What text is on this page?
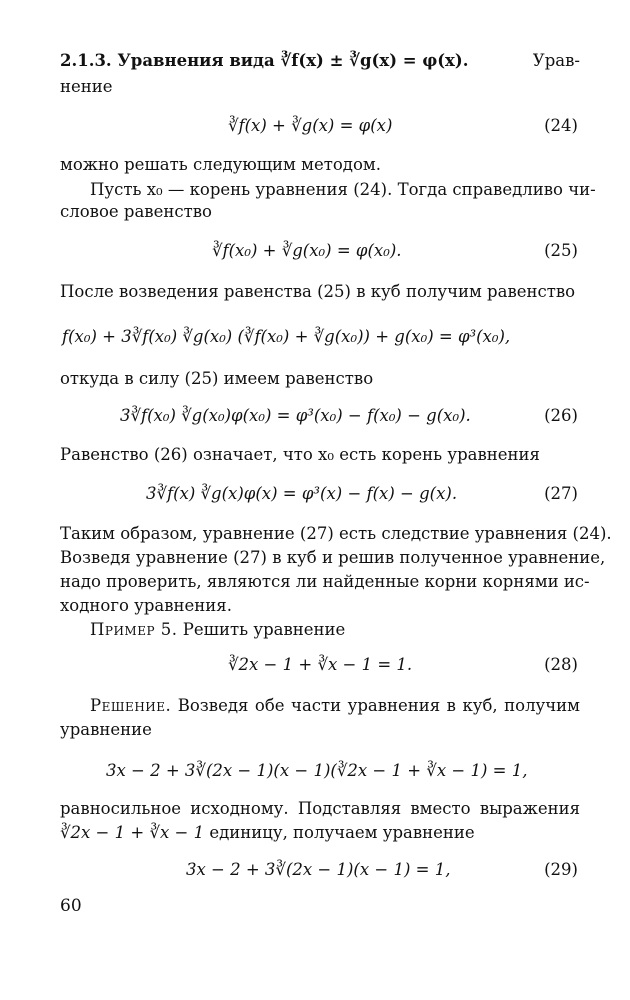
2.1.3. Уравнения вида ∛f(x) ± ∛g(x) = φ(x).	Урав-
нение
∛f(x) + ∛g(x) = φ(x)	(24)
можно решать следующим методом.
Пусть x₀ — корень уравнения (24). Тогда справедливо чи-
словое равенство
∛f(x₀) + ∛g(x₀) = φ(x₀).	(25)
После возведения равенства (25) в куб получим равенство
f(x₀) + 3∛f(x₀) ∛g(x₀) (∛f(x₀) + ∛g(x₀)) + g(x₀) = φ³(x₀),
откуда в силу (25) имеем равенство
3∛f(x₀) ∛g(x₀)φ(x₀) = φ³(x₀) − f(x₀) − g(x₀).	(26)
Равенство (26) означает, что x₀ есть корень уравнения
3∛f(x) ∛g(x)φ(x) = φ³(x) − f(x) − g(x).	(27)
Таким образом, уравнение (27) есть следствие уравнения (24).
Возведя уравнение (27) в куб и решив полученное уравнение,
надо проверить, являются ли найденные корни корнями ис-
ходного уравнения.
Пример 5. Решить уравнение
∛2x − 1 + ∛x − 1 = 1.	(28)
Решение. Возведя обе части уравнения в куб, получим
уравнение
3x − 2 + 3∛(2x − 1)(x − 1)(∛2x − 1 + ∛x − 1) = 1,
равносильное исходному. Подставляя вместо выражения
∛2x − 1 + ∛x − 1 единицу, получаем уравнение
3x − 2 + 3∛(2x − 1)(x − 1) = 1,	(29)
60
